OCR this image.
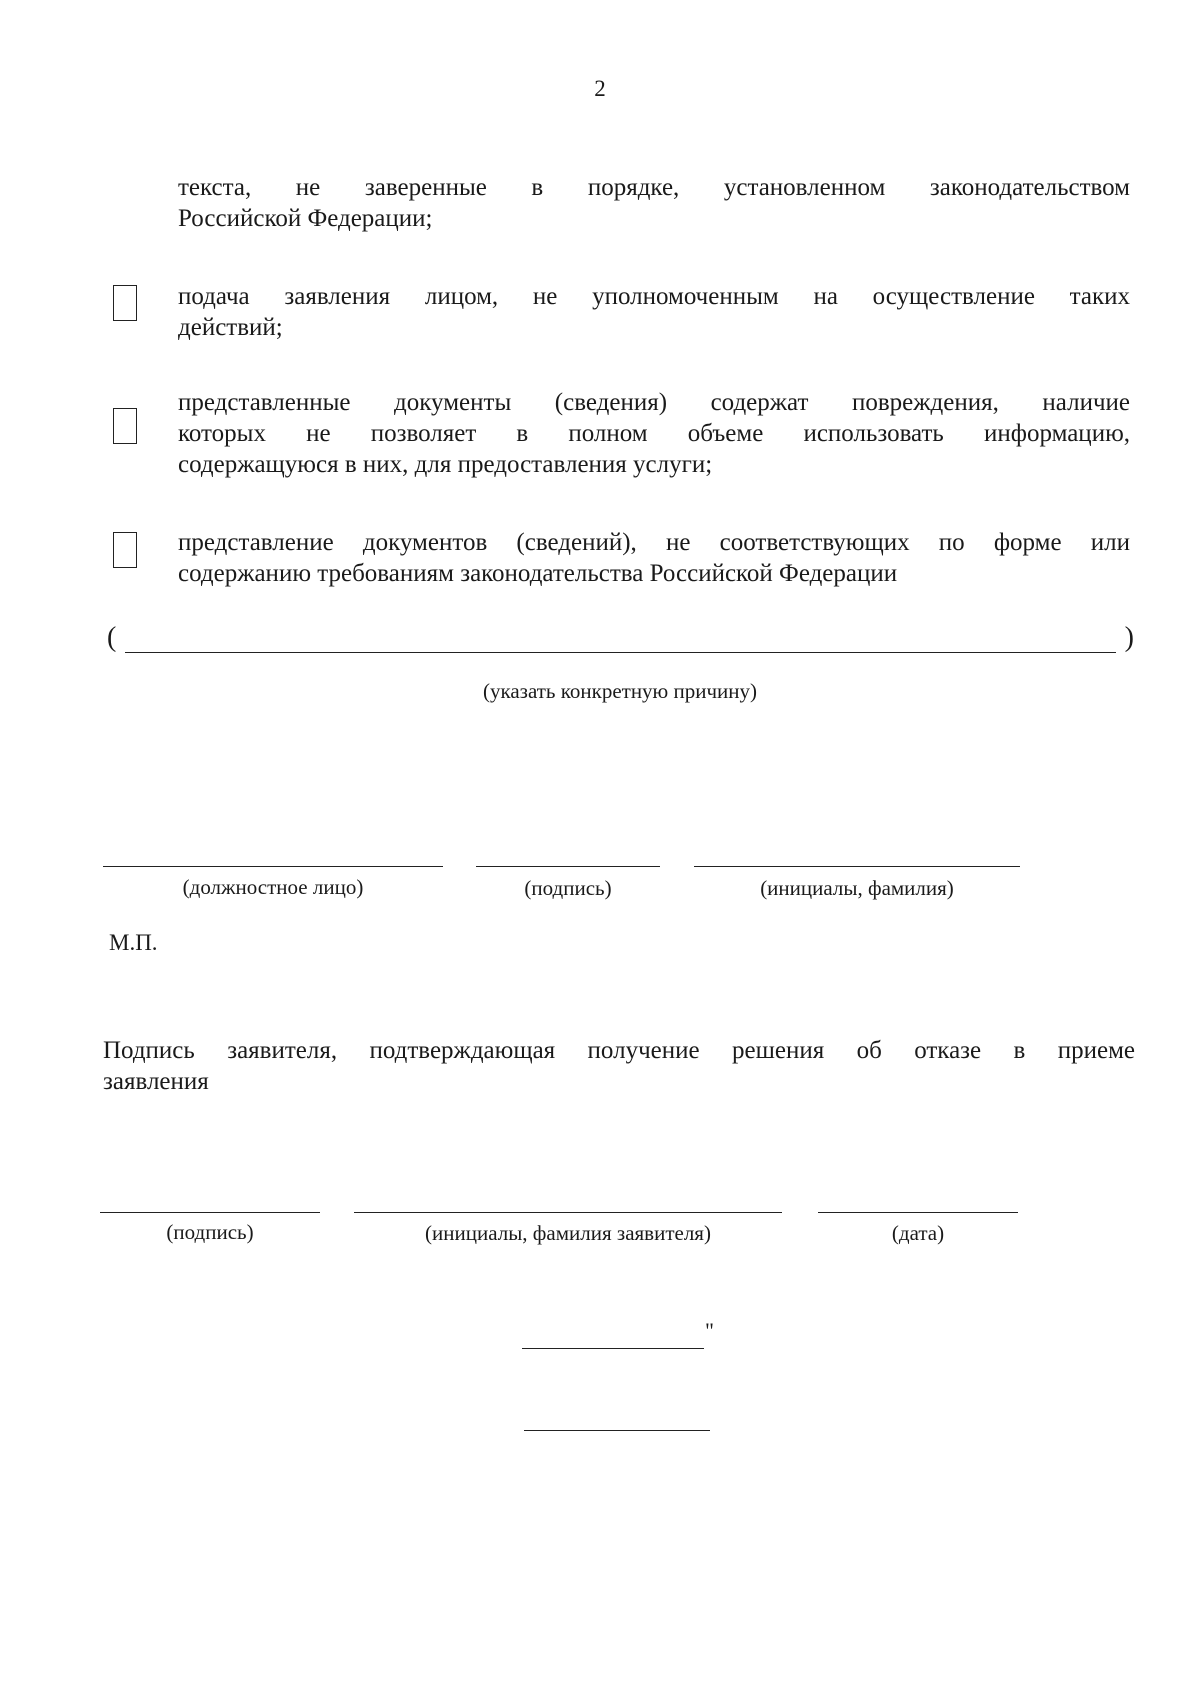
2
текста, не заверенные в порядке, установленном законодательством
Российской Федерации;
подача заявления лицом, не уполномоченным на осуществление таких
действий;
представленные документы (сведения) содержат повреждения, наличие
которых не позволяет в полном объеме использовать информацию,
содержащуюся в них, для предоставления услуги;
представление документов (сведений), не соответствующих по форме или
содержанию требованиям законодательства Российской Федерации
(	)
(указать конкретную причину)
(должностное лицо)	(подпись)	(инициалы, фамилия)
М.П.
Подпись заявителя, подтверждающая получение решения об отказе в приеме
заявления
(подпись)	(инициалы, фамилия заявителя)	(дата)
"
